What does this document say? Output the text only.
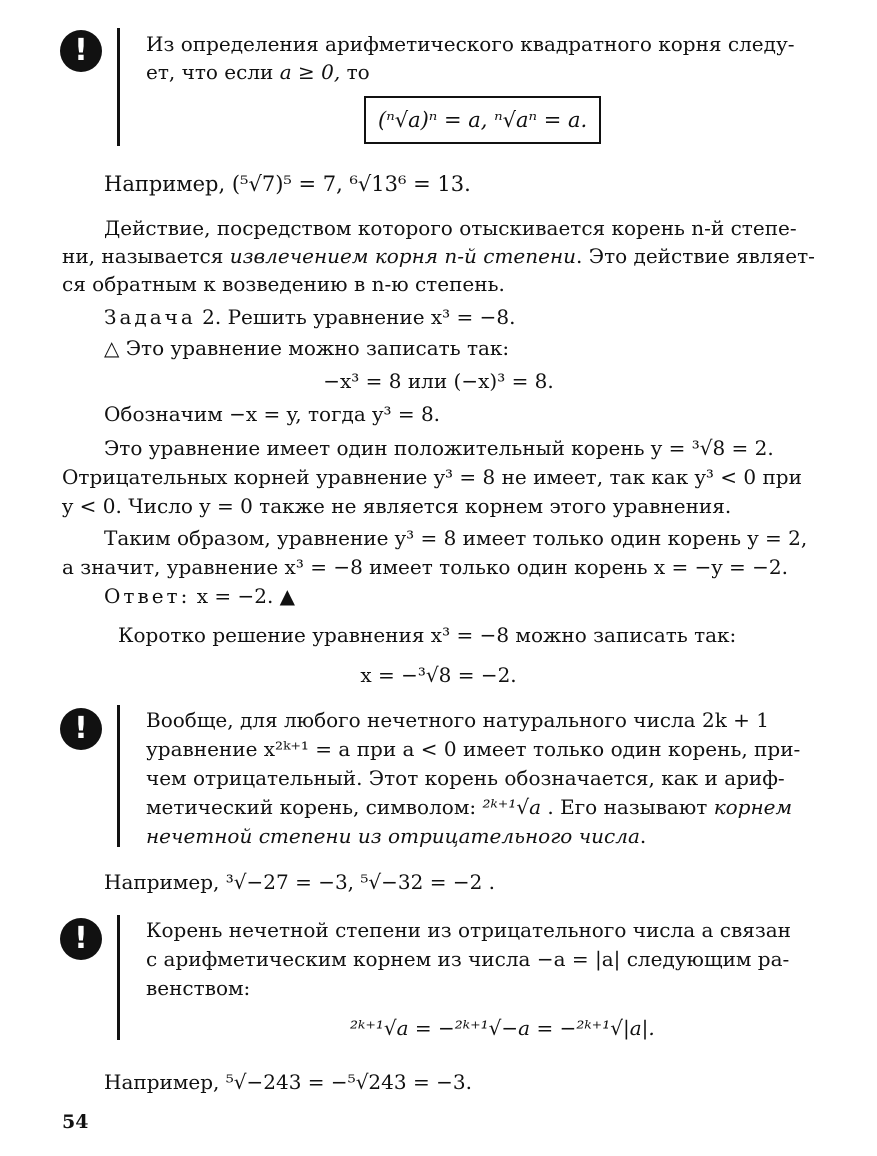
!	Из определения арифметического квадратного корня следу-

ет, что если a ≥ 0, то

(ⁿ√a)ⁿ = a, ⁿ√aⁿ = a.

Например, (⁵√7)⁵ = 7, ⁶√13⁶ = 13.

Действие, посредством которого отыскивается корень n-й степе-

ни, называется извлечением корня n-й степени. Это действие являет-

ся обратным к возведению в n-ю степень.

Задача 2. Решить уравнение x³ = −8.

△ Это уравнение можно записать так:

−x³ = 8 или (−x)³ = 8.

Обозначим −x = y, тогда y³ = 8.

Это уравнение имеет один положительный корень y = ³√8 = 2.

Отрицательных корней уравнение y³ = 8 не имеет, так как y³ < 0 при

y < 0. Число y = 0 также не является корнем этого уравнения.

Таким образом, уравнение y³ = 8 имеет только один корень y = 2,

а значит, уравнение x³ = −8 имеет только один корень x = −y = −2.

Ответ: x = −2. ▲

Коротко решение уравнения x³ = −8 можно записать так:

x = −³√8 = −2.

!	Вообще, для любого нечетного натурального числа 2k + 1

уравнение x²ᵏ⁺¹ = a при a < 0 имеет только один корень, при-

чем отрицательный. Этот корень обозначается, как и ариф-

метический корень, символом: ²ᵏ⁺¹√a . Его называют корнем

нечетной степени из отрицательного числа.

Например, ³√−27 = −3, ⁵√−32 = −2 .

!	Корень нечетной степени из отрицательного числа a связан

с арифметическим корнем из числа −a = |a| следующим ра-

венством:

²ᵏ⁺¹√a = −²ᵏ⁺¹√−a = −²ᵏ⁺¹√|a|.

Например, ⁵√−243 = −⁵√243 = −3.

54
